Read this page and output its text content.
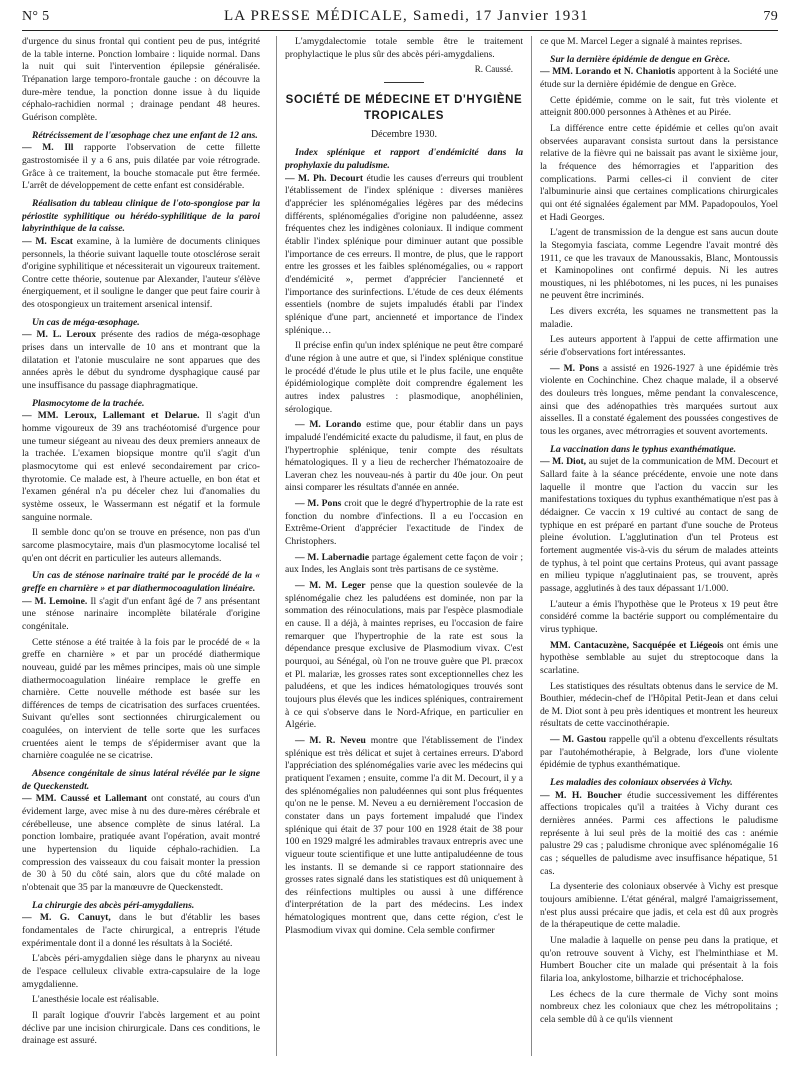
N° 5	LA PRESSE MÉDICALE, Samedi, 17 Janvier 1931	79

d'urgence du sinus frontal qui contient peu de pus, intégrité de la table interne. Ponction lombaire : liquide normal. Dans la nuit qui suit l'intervention épilepsie généralisée. Trépanation large temporo-frontale gauche : on découvre la dure-mère tendue, la ponction donne issue à du liquide céphalo-rachidien normal ; drainage pendant 48 heures. Guérison complète.

Rétrécissement de l'œsophage chez une enfant de 12 ans.
— M. Ill rapporte l'observation de cette fillette gastrostomisée il y a 6 ans, puis dilatée par voie rétrograde. Grâce à ce traitement, la bouche stomacale put être fermée. L'arrêt de développement de cette enfant est considérable.

Réalisation du tableau clinique de l'oto-spongiose par la périostite syphilitique ou hérédo-syphilitique de la paroi labyrinthique de la caisse.
— M. Escat examine, à la lumière de documents cliniques personnels, la théorie suivant laquelle toute otosclérose serait d'origine syphilitique et nécessiterait un vigoureux traitement. Contre cette théorie, soutenue par Alexander, l'auteur s'élève énergiquement, et il souligne le danger que peut faire courir à des otospongieux un traitement arsenical intensif.

Un cas de méga-œsophage.
— M. L. Leroux présente des radios de méga-œsophage prises dans un intervalle de 10 ans et montrant que la dilatation et l'atonie musculaire ne sont apparues que des années après le début du syndrome dysphagique causé par une insuffisance du passage diaphragmatique.

Plasmocytome de la trachée.
— MM. Leroux, Lallemant et Delarue. Il s'agit d'un homme vigoureux de 39 ans trachéotomisé d'urgence pour une tumeur siégeant au niveau des deux premiers anneaux de la trachée. L'examen biopsique montre qu'il s'agit d'un plasmocytome qui est enlevé secondairement par crico-thyrotomie. Ce malade est, à l'heure actuelle, en bon état et l'examen général n'a pu déceler chez lui d'anomalies du système osseux, le Wassermann est négatif et la formule sanguine normale.

Il semble donc qu'on se trouve en présence, non pas d'un sarcome plasmocytaire, mais d'un plasmocytome localisé tel qu'en ont décrit en particulier les auteurs allemands.

Un cas de sténose narinaire traité par le procédé de la « greffe en charnière » et par diathermocoagulation linéaire.
— M. Lemoine. Il s'agit d'un enfant âgé de 7 ans présentant une sténose narinaire incomplète bilatérale d'origine congénitale.

Cette sténose a été traitée à la fois par le procédé de « la greffe en charnière » et par un procédé diathermique nouveau, guidé par les mêmes principes, mais où une simple diathermocoagulation linéaire remplace le greffe en charnière. Cette nouvelle méthode est basée sur les différences de temps de cicatrisation des surfaces cruentées. Suivant qu'elles sont sectionnées chirurgicalement ou coagulées, on intervient de telle sorte que les surfaces cruentées aient le temps de s'épidermiser avant que la charnière coagulée ne se cicatrise.

Absence congénitale de sinus latéral révélée par le signe de Queckenstedt.
— MM. Caussé et Lallemant ont constaté, au cours d'un évidement large, avec mise à nu des dure-mères cérébrale et cérébelleuse, une absence complète de sinus latéral. La ponction lombaire, pratiquée avant l'opération, avait montré une hypertension du liquide céphalo-rachidien. La compression des vaisseaux du cou faisait monter la pression de 30 à 50 du côté sain, alors que du côté malade on n'obtenait que 35 par la manœuvre de Queckenstedt.

La chirurgie des abcès péri-amygdaliens.
— M. G. Canuyt, dans le but d'établir les bases fondamentales de l'acte chirurgical, a entrepris l'étude expérimentale dont il a donné les résultats à la Société.

L'abcès péri-amygdalien siège dans le pharynx au niveau de l'espace celluleux clivable extra-capsulaire de la loge amygdalienne.

L'anesthésie locale est réalisable.

Il paraît logique d'ouvrir l'abcès largement et au point déclive par une incision chirurgicale. Dans ces conditions, le drainage est assuré.

L'amygdalectomie totale semble être le traitement prophylactique le plus sûr des abcès péri-amygdaliens.

R. Caussé.
SOCIÉTÉ DE MÉDECINE ET D'HYGIÈNE TROPICALES
Décembre 1930.

Index splénique et rapport d'endémicité dans la prophylaxie du paludisme.
— M. Ph. Decourt étudie les causes d'erreurs qui troublent l'établissement de l'index splénique : diverses manières d'apprécier les splénomégalies légères par des médecins différents, splénomégalies d'origine non paludéenne, assez fréquentes chez les indigènes coloniaux. Il indique comment établir l'index splénique pour diminuer autant que possible l'importance de ces erreurs. Il montre, de plus, que le rapport entre les grosses et les faibles splénomégalies, ou « rapport d'endémicité », permet d'apprécier l'ancienneté et l'importance des surinfections. L'étude de ces deux éléments essentiels (nombre de sujets impaludés établi par l'index splénique d'une part, ancienneté et importance de l'index splénique…

Il précise enfin qu'un index splénique ne peut être comparé d'une région à une autre et que, si l'index splénique constitue le procédé d'étude le plus utile et le plus facile, une enquête épidémiologique complète doit comprendre également les autres index palustres : plasmodique, anophélinien, sérologique.

— M. Lorando estime que, pour établir dans un pays impaludé l'endémicité exacte du paludisme, il faut, en plus de l'hypertrophie splénique, tenir compte des résultats hématologiques. Il y a lieu de rechercher l'hématozoaire de Laveran chez les nouveau-nés à partir du 40e jour. On peut ainsi comparer les résultats d'année en année.

— M. Pons croit que le degré d'hypertrophie de la rate est fonction du nombre d'infections. Il a eu l'occasion en Extrême-Orient d'apprécier l'exactitude de l'index de Christophers.

— M. Labernadie partage également cette façon de voir ; aux Indes, les Anglais sont très partisans de ce système.

— M. M. Leger pense que la question soulevée de la splénomégalie chez les paludéens est dominée, non par la sommation des réinoculations, mais par l'espèce plasmodiale en cause. Il a déjà, à maintes reprises, eu l'occasion de faire remarquer que l'hypertrophie de la rate est sous la dépendance presque exclusive de Plasmodium vivax. C'est pourquoi, au Sénégal, où l'on ne trouve guère que Pl. præcox et Pl. malariæ, les grosses rates sont exceptionnelles chez les paludéens, et que les indices hématologiques trouvés sont toujours plus élevés que les indices spléniques, contrairement à ce qui s'observe dans le Nord-Afrique, en particulier en Algérie.

— M. R. Neveu montre que l'établissement de l'index splénique est très délicat et sujet à certaines erreurs. D'abord l'appréciation des splénomégalies varie avec les médecins qui pratiquent l'examen ; ensuite, comme l'a dit M. Decourt, il y a des splénomégalies non paludéennes qui sont plus fréquentes qu'on ne le pense. M. Neveu a eu dernièrement l'occasion de constater dans un pays fortement impaludé que l'index splénique qui était de 37 pour 100 en 1928 était de 38 pour 100 en 1929 malgré les admirables travaux entrepris avec une vigueur toute scientifique et une lutte antipaludéenne de tous les instants. Il se demande si ce rapport stationnaire des grosses rates signalé dans les statistiques est dû uniquement à des réinfections multiples ou aussi à une différence d'interprétation de la part des médecins. Les index hématologiques montrent que, dans cette région, c'est le Plasmodium vivax qui domine. Cela semble confirmer

ce que M. Marcel Leger a signalé à maintes reprises.

Sur la dernière épidémie de dengue en Grèce.
— MM. Lorando et N. Chaniotis apportent à la Société une étude sur la dernière épidémie de dengue en Grèce.

Cette épidémie, comme on le sait, fut très violente et atteignit 800.000 personnes à Athènes et au Pirée.

La différence entre cette épidémie et celles qu'on avait observées auparavant consista surtout dans la persistance relative de la fièvre qui ne baissait pas avant le sixième jour, la fréquence des hémorragies et l'apparition des complications. Parmi celles-ci il convient de citer l'albuminurie ainsi que certaines complications chirurgicales qui ont été signalées également par MM. Papadopoulos, Yoel et Hadi Georges.

L'agent de transmission de la dengue est sans aucun doute la Stegomyia fasciata, comme Legendre l'avait montré dès 1911, ce que les travaux de Manoussakis, Blanc, Montoussis et Kaminopolines ont confirmé depuis. Ni les autres moustiques, ni les phlébotomes, ni les puces, ni les punaises ne peuvent être incriminés.

Les divers excréta, les squames ne transmettent pas la maladie.

Les auteurs apportent à l'appui de cette affirmation une série d'observations fort intéressantes.

— M. Pons a assisté en 1926-1927 à une épidémie très violente en Cochinchine. Chez chaque malade, il a observé des douleurs très longues, même pendant la convalescence, ainsi que des adénopathies très marquées surtout aux aisselles. Il a constaté également des poussées congestives de tous les organes, avec métrorragies et souvent avortements.

La vaccination dans le typhus exanthématique.
— M. Diot, au sujet de la communication de MM. Decourt et Sallard faite à la séance précédente, envoie une note dans laquelle il montre que l'action du vaccin sur les manifestations toxiques du typhus exanthématique n'est pas à dédaigner. Ce vaccin x 19 cultivé au contact de sang de typhique en est préparé en partant d'une souche de Proteus pleine évolution. L'agglutination d'un tel Proteus est fortement augmentée vis-à-vis du sérum de malades atteints de typhus, à tel point que certains Proteus, qui avant passage en milieu typique n'agglutinaient pas, se trouvent, après passage, agglutinés à des taux dépassant 1/1.000.

L'auteur a émis l'hypothèse que le Proteus x 19 peut être considéré comme la bactérie support ou complémentaire du virus typhique.

MM. Cantacuzène, Sacquépée et Liégeois ont émis une hypothèse semblable au sujet du streptocoque dans la scarlatine.

Les statistiques des résultats obtenus dans le service de M. Bouthier, médecin-chef de l'Hôpital Petit-Jean et dans celui de M. Diot sont à peu près identiques et montrent les heureux résultats de cette vaccinothérapie.

— M. Gastou rappelle qu'il a obtenu d'excellents résultats par l'autohémothérapie, à Belgrade, lors d'une violente épidémie de typhus exanthématique.

Les maladies des coloniaux observées à Vichy.
— M. H. Boucher étudie successivement les différentes affections tropicales qu'il a traitées à Vichy durant ces dernières années. Parmi ces affections le paludisme représente à lui seul près de la moitié des cas : anémie palustre 29 cas ; paludisme chronique avec splénomégalie 16 cas ; séquelles de paludisme avec insuffisance hépatique, 51 cas.

La dysenterie des coloniaux observée à Vichy est presque toujours amibienne. L'état général, malgré l'amaigrissement, n'est plus aussi précaire que jadis, et cela est dû aux progrès de la thérapeutique de cette maladie.

Une maladie à laquelle on pense peu dans la pratique, et qu'on retrouve souvent à Vichy, est l'helminthiase et M. Humbert Boucher cite un malade qui présentait à la fois filaria loa, ankylostome, bilharzie et trichocéphalose.

Les échecs de la cure thermale de Vichy sont moins nombreux chez les coloniaux que chez les métropolitains ; cela semble dû à ce qu'ils viennent
